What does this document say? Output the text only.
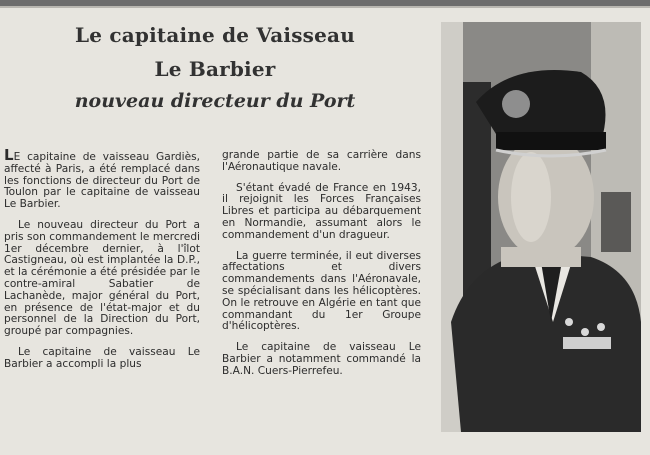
Le capitaine de Vaisseau
Le Barbier
nouveau directeur du Port

LE capitaine de vaisseau Gardiès, affecté à Paris, a été remplacé dans les fonctions de directeur du Port de Toulon par le capitaine de vaisseau Le Barbier.

Le nouveau directeur du Port a pris son commandement le mercredi 1er décembre dernier, à l'îlot Castigneau, où est implantée la D.P., et la cérémonie a été présidée par le contre-amiral Sabatier de Lachanède, major général du Port, en présence de l'état-major et du personnel de la Direction du Port, groupé par compagnies.

Le capitaine de vaisseau Le Barbier a accompli la plus

grande partie de sa carrière dans l'Aéronautique navale.

S'étant évadé de France en 1943, il rejoignit les Forces Françaises Libres et participa au débarquement en Normandie, assumant alors le commandement d'un dragueur.

La guerre terminée, il eut diverses affectations et divers commandements dans l'Aéronavale, se spécialisant dans les hélicoptères. On le retrouve en Algérie en tant que commandant du 1er Groupe d'hélicoptères.

Le capitaine de vaisseau Le Barbier a notamment commandé la B.A.N. Cuers-Pierrefeu.
